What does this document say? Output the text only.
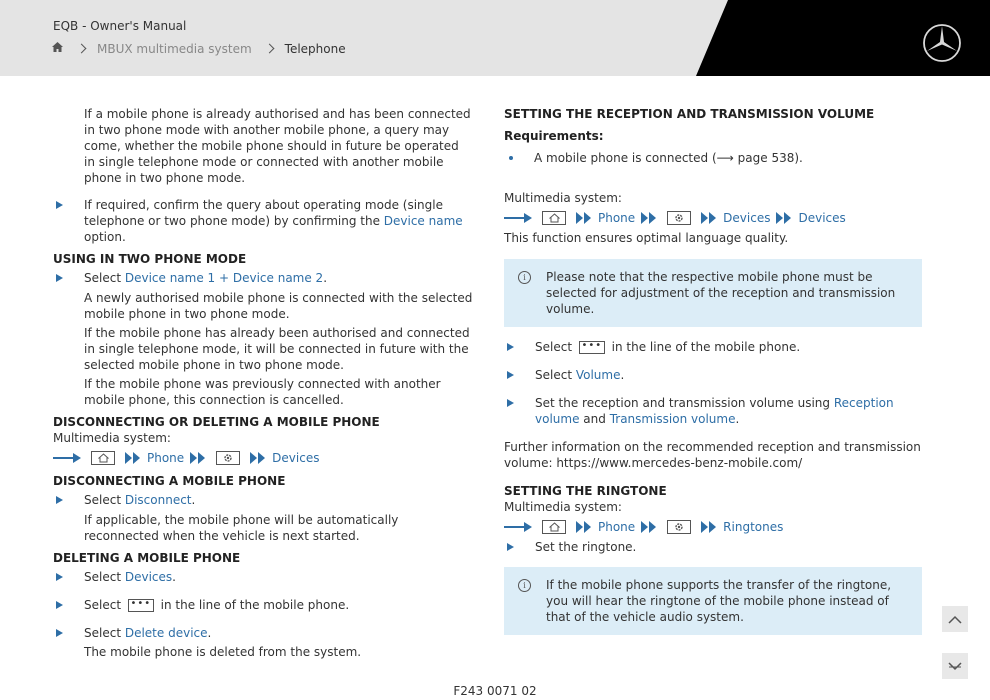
EQB - Owner's Manual
MBUX multimedia system	Telephone

If a mobile phone is already authorised and has been connected in two phone mode with another mobile phone, a query may come, whether the mobile phone should in future be operated in single telephone mode or connected with another mobile phone in two phone mode.

If required, confirm the query about operating mode (single telephone or two phone mode) by confirming the Device name option.
USING IN TWO PHONE MODE
Select Device name 1 + Device name 2.

A newly authorised mobile phone is connected with the selected mobile phone in two phone mode.

If the mobile phone has already been authorised and connected in single telephone mode, it will be connected in future with the selected mobile phone in two phone mode.

If the mobile phone was previously connected with another mobile phone, this connection is cancelled.

DISCONNECTING OR DELETING A MOBILE PHONE
Multimedia system:
Phone	Devices
DISCONNECTING A MOBILE PHONE
Select Disconnect.

If applicable, the mobile phone will be automatically reconnected when the vehicle is next started.

DELETING A MOBILE PHONE
Select Devices.
Select ••• in the line of the mobile phone.
Select Delete device.

The mobile phone is deleted from the system.

SETTING THE RECEPTION AND TRANSMISSION VOLUME
Requirements:
A mobile phone is connected (⟶ page 538).
Multimedia system:
Phone	Devices Devices

This function ensures optimal language quality.

i	Please note that the respective mobile phone must be selected for adjustment of the reception and transmission volume.
Select ••• in the line of the mobile phone.
Select Volume.
Set the reception and transmission volume using Reception volume and Transmission volume.

Further information on the recommended reception and transmission volume: https://www.mercedes-benz-mobile.com/

SETTING THE RINGTONE
Multimedia system:
Phone	Ringtones
Set the ringtone.
i	If the mobile phone supports the transfer of the ringtone, you will hear the ringtone of the mobile phone instead of that of the vehicle audio system.
F243 0071 02
